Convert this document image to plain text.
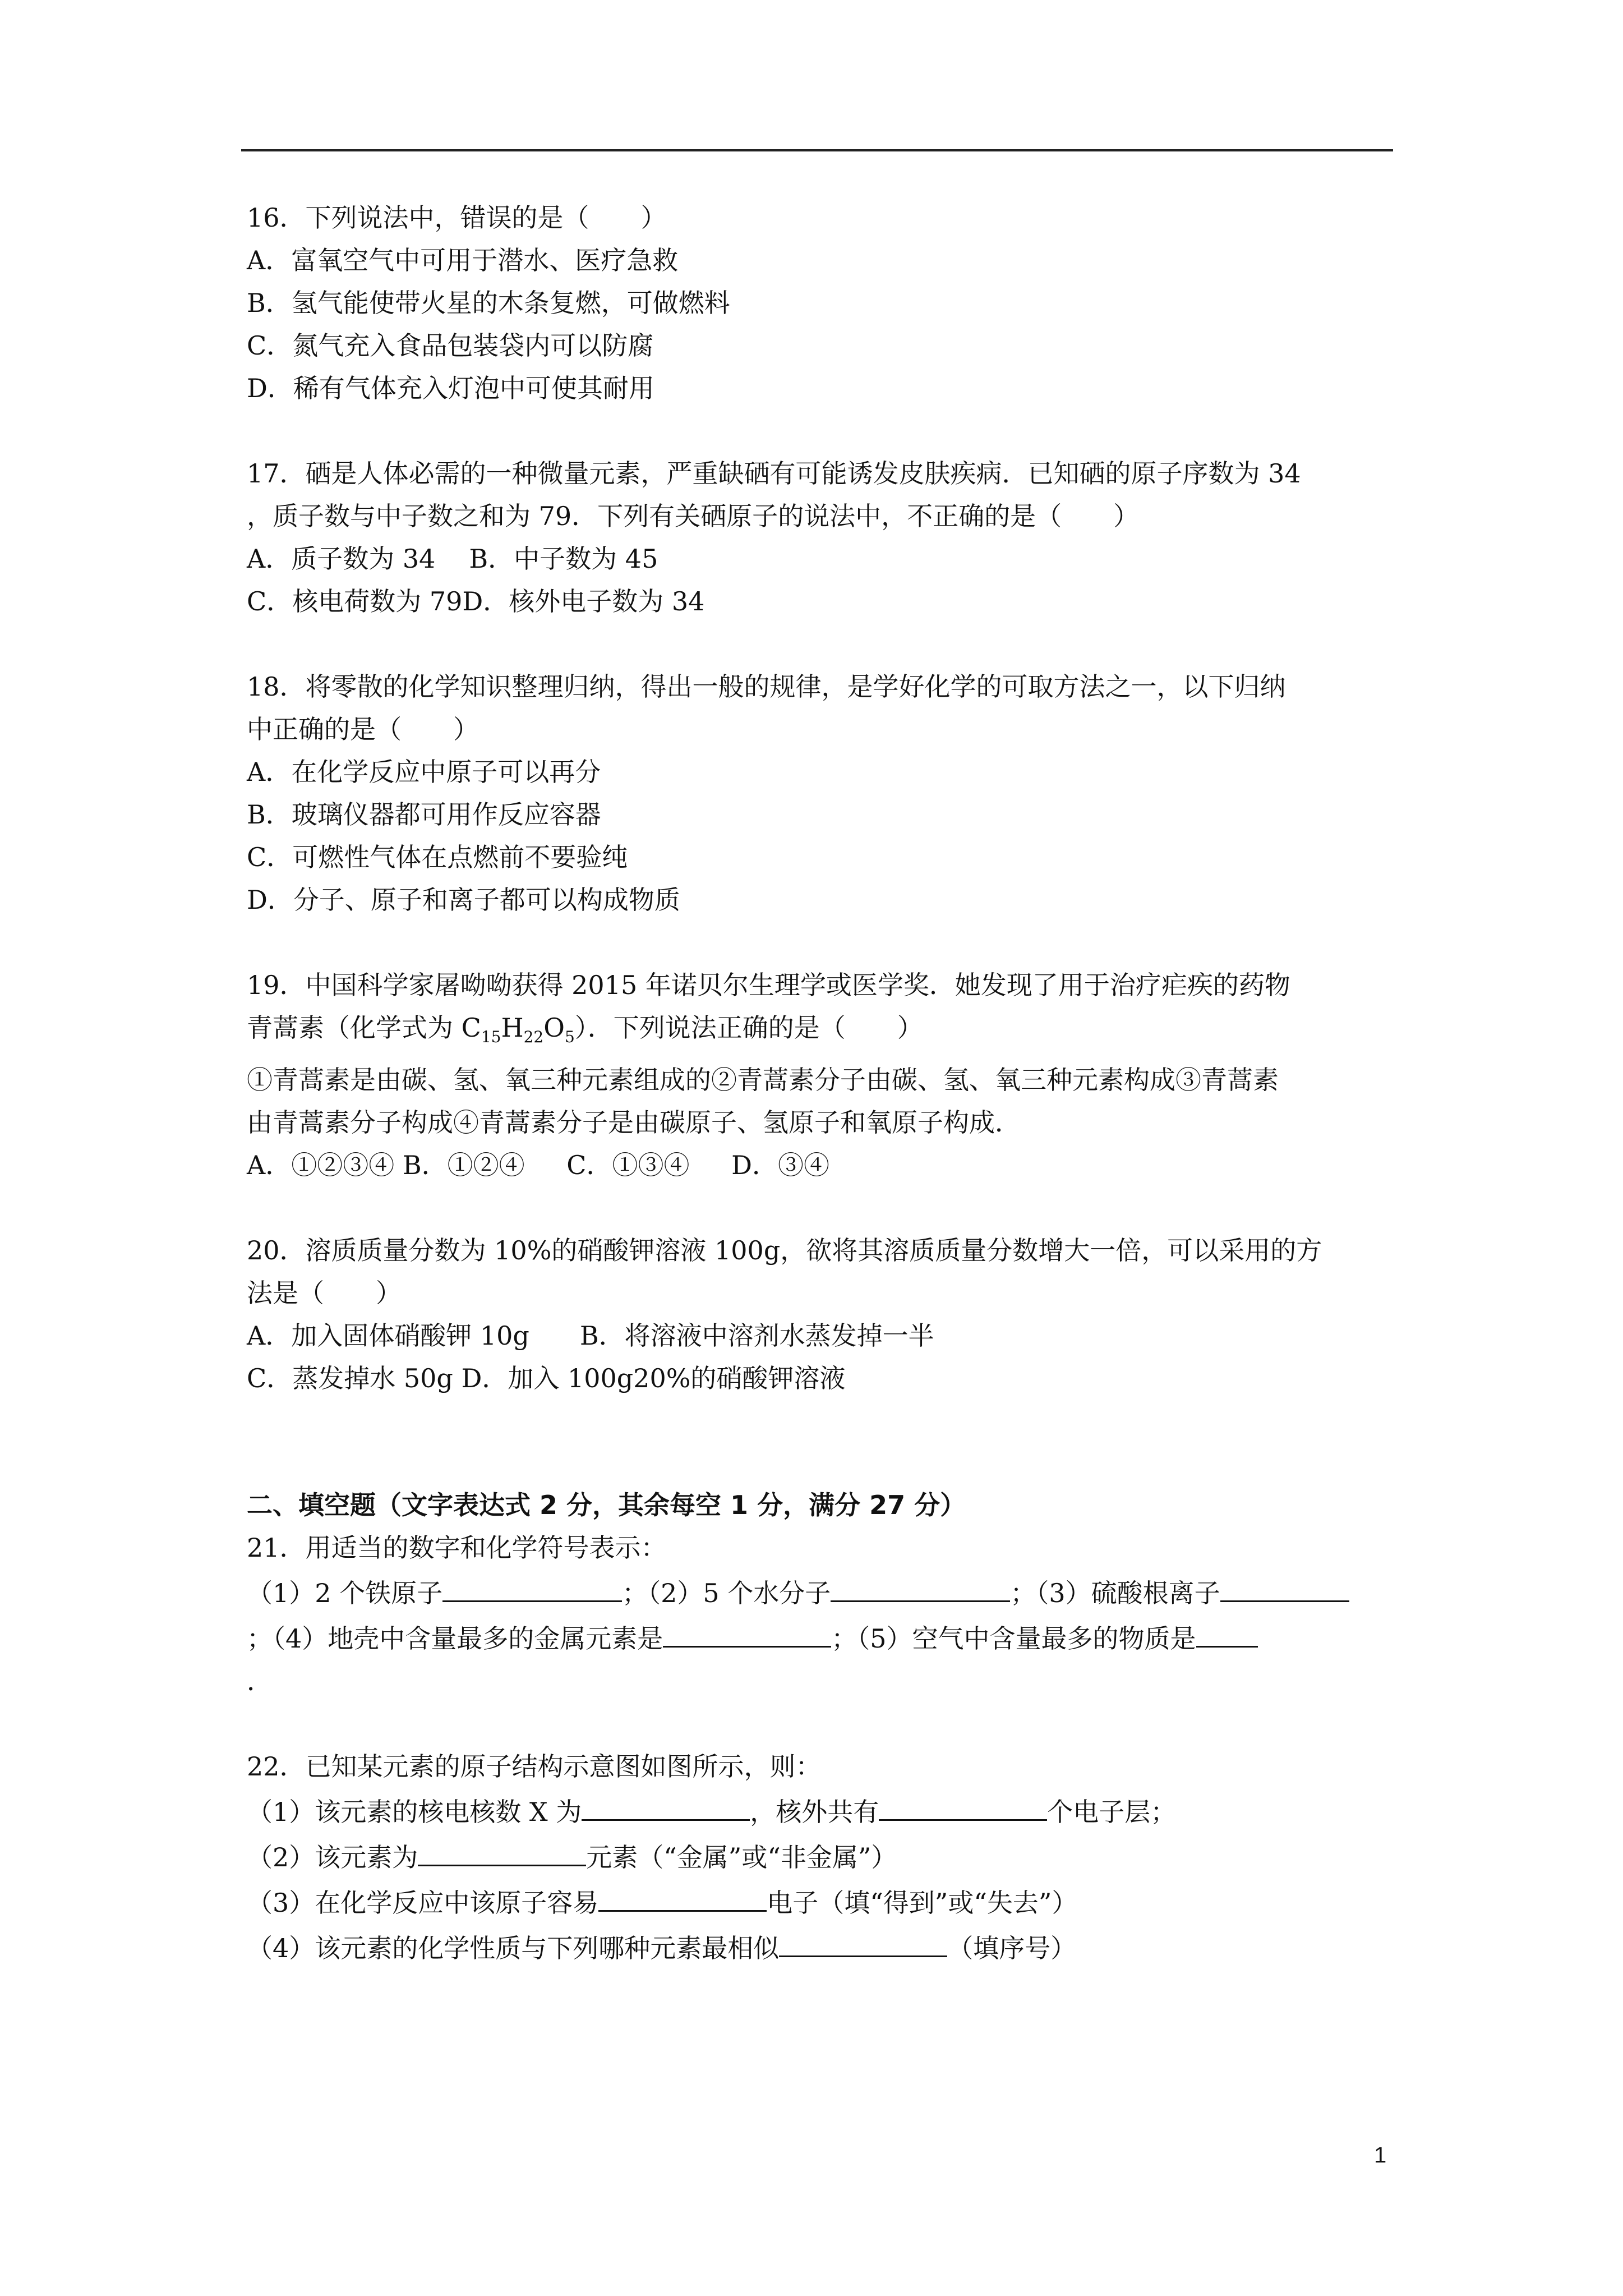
16．下列说法中，错误的是（　　）
A．富氧空气中可用于潜水、医疗急救
B．氢气能使带火星的木条复燃，可做燃料
C．氮气充入食品包装袋内可以防腐
D．稀有气体充入灯泡中可使其耐用
17．硒是人体必需的一种微量元素，严重缺硒有可能诱发皮肤疾病．已知硒的原子序数为 34
，质子数与中子数之和为 79．下列有关硒原子的说法中，不正确的是（　　）
A．质子数为 34 B．中子数为 45
C．核电荷数为 79D．核外电子数为 34
18．将零散的化学知识整理归纳，得出一般的规律，是学好化学的可取方法之一，以下归纳
中正确的是（　　）
A．在化学反应中原子可以再分
B．玻璃仪器都可用作反应容器
C．可燃性气体在点燃前不要验纯
D．分子、原子和离子都可以构成物质
19．中国科学家屠呦呦获得 2015 年诺贝尔生理学或医学奖．她发现了用于治疗疟疾的药物
青蒿素（化学式为 $C_{15}H_{22}O_5$）．下列说法正确的是（　　）
①青蒿素是由碳、氢、氧三种元素组成的②青蒿素分子由碳、氢、氧三种元素构成③青蒿素
由青蒿素分子构成④青蒿素分子是由碳原子、氢原子和氧原子构成．
A．①②③④ B．①②④ C．①③④ D．③④
20．溶质质量分数为 10%的硝酸钾溶液 100g，欲将其溶质质量分数增大一倍，可以采用的方
法是（　　）
A．加入固体硝酸钾 10g B．将溶液中溶剂水蒸发掉一半
C．蒸发掉水 50g D．加入 100g20%的硝酸钾溶液
二、填空题（文字表达式 2 分，其余每空 1 分，满分 27 分）
21．用适当的数字和化学符号表示：
（1）2 个铁原子	；（2）5 个水分子	；（3）硫酸根离子
；（4）地壳中含量最多的金属元素是	；（5）空气中含量最多的物质是
．
22．已知某元素的原子结构示意图如图所示，则：
（1）该元素的核电核数 X 为	，核外共有	个电子层；
（2）该元素为	元素（“金属”或“非金属”）
（3）在化学反应中该原子容易	电子（填“得到”或“失去”）
（4）该元素的化学性质与下列哪种元素最相似	（填序号）
1
